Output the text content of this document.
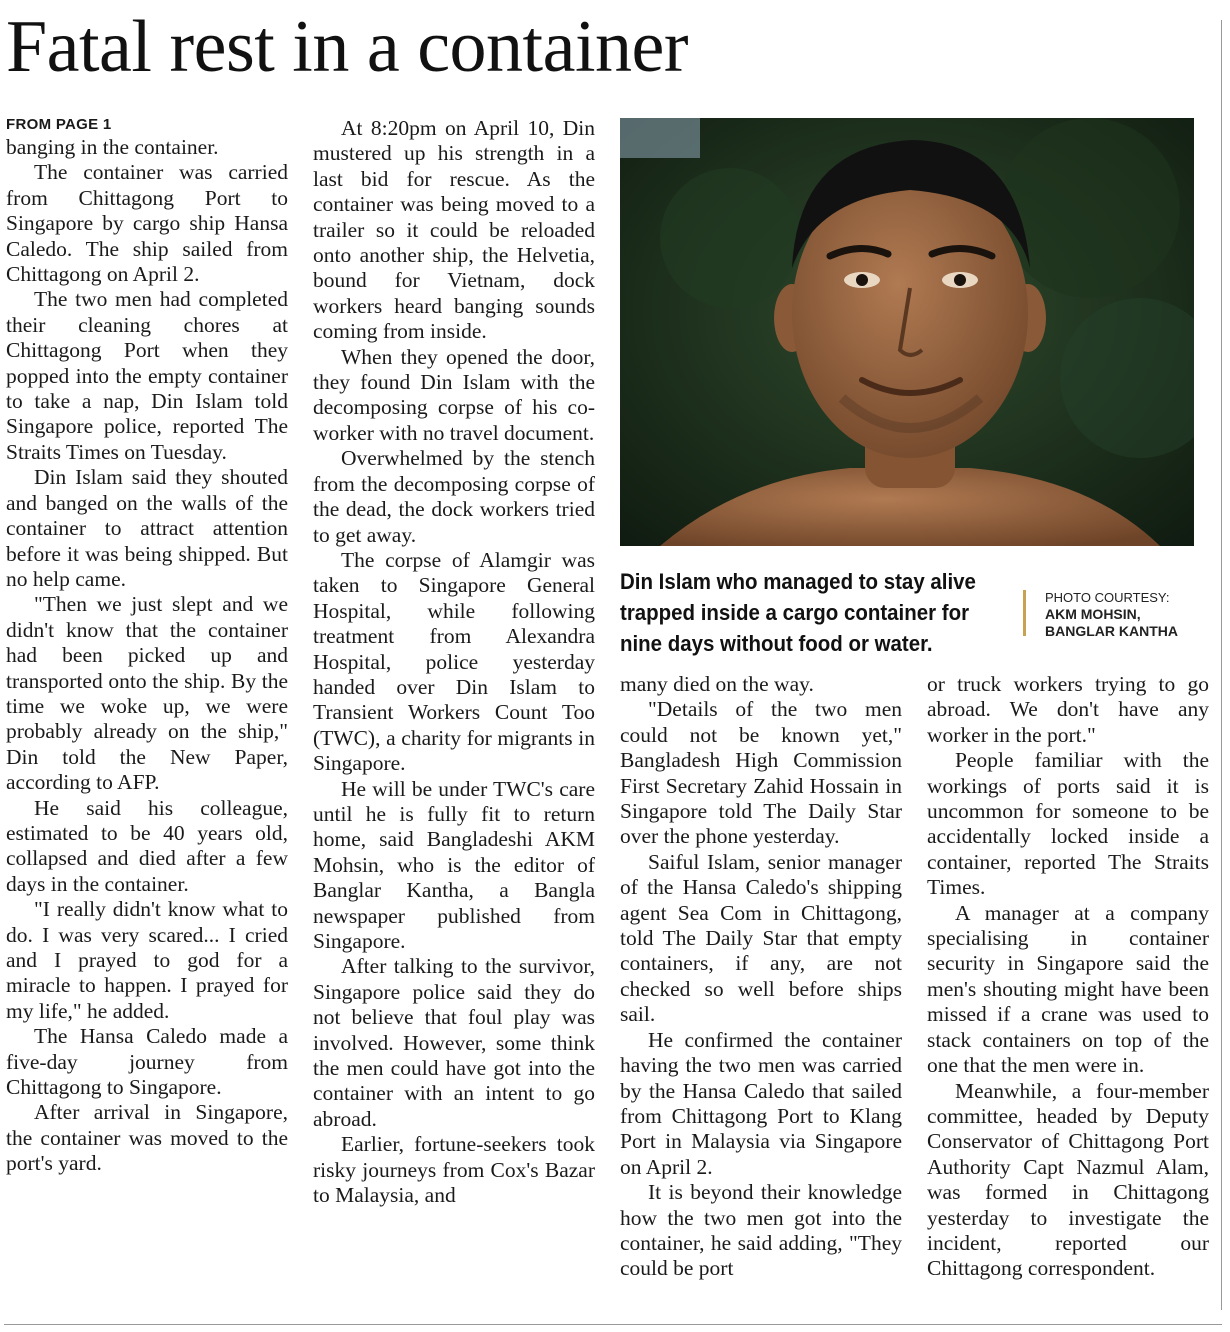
Fatal rest in a container
FROM PAGE 1

banging in the container.

The container was carried from Chittagong Port to Singapore by cargo ship Hansa Caledo. The ship sailed from Chittagong on April 2.

The two men had completed their cleaning chores at Chittagong Port when they popped into the empty container to take a nap, Din Islam told Singapore police, reported The Straits Times on Tuesday.

Din Islam said they shouted and banged on the walls of the container to attract attention before it was being shipped. But no help came.

"Then we just slept and we didn't know that the container had been picked up and transported onto the ship. By the time we woke up, we were probably already on the ship," Din told the New Paper, according to AFP.

He said his colleague, estimated to be 40 years old, collapsed and died after a few days in the container.

"I really didn't know what to do. I was very scared... I cried and I prayed to god for a miracle to happen. I prayed for my life," he added.

The Hansa Caledo made a five-day journey from Chittagong to Singapore.

After arrival in Singapore, the container was moved to the port's yard.

At 8:20pm on April 10, Din mustered up his strength in a last bid for rescue. As the container was being moved to a trailer so it could be reloaded onto another ship, the Helvetia, bound for Vietnam, dock workers heard banging sounds coming from inside.

When they opened the door, they found Din Islam with the decomposing corpse of his co-worker with no travel document.

Overwhelmed by the stench from the decomposing corpse of the dead, the dock workers tried to get away.

The corpse of Alamgir was taken to Singapore General Hospital, while following treatment from Alexandra Hospital, police yesterday handed over Din Islam to Transient Workers Count Too (TWC), a charity for migrants in Singapore.

He will be under TWC's care until he is fully fit to return home, said Bangladeshi AKM Mohsin, who is the editor of Banglar Kantha, a Bangla newspaper published from Singapore.

After talking to the survivor, Singapore police said they do not believe that foul play was involved. However, some think the men could have got into the container with an intent to go abroad.

Earlier, fortune-seekers took risky journeys from Cox's Bazar to Malaysia, and

Din Islam who managed to stay alive trapped inside a cargo container for nine days without food or water.
PHOTO COURTESY:
AKM MOHSIN,
BANGLAR KANTHA

many died on the way.

"Details of the two men could not be known yet," Bangladesh High Commission First Secretary Zahid Hossain in Singapore told The Daily Star over the phone yesterday.

Saiful Islam, senior manager of the Hansa Caledo's shipping agent Sea Com in Chittagong, told The Daily Star that empty containers, if any, are not checked so well before ships sail.

He confirmed the container having the two men was carried by the Hansa Caledo that sailed from Chittagong Port to Klang Port in Malaysia via Singapore on April 2.

It is beyond their knowledge how the two men got into the container, he said adding, "They could be port

or truck workers trying to go abroad. We don't have any worker in the port."

People familiar with the workings of ports said it is uncommon for someone to be accidentally locked inside a container, reported The Straits Times.

A manager at a company specialising in container security in Singapore said the men's shouting might have been missed if a crane was used to stack containers on top of the one that the men were in.

Meanwhile, a four-member committee, headed by Deputy Conservator of Chittagong Port Authority Capt Nazmul Alam, was formed in Chittagong yesterday to investigate the incident, reported our Chittagong correspondent.
